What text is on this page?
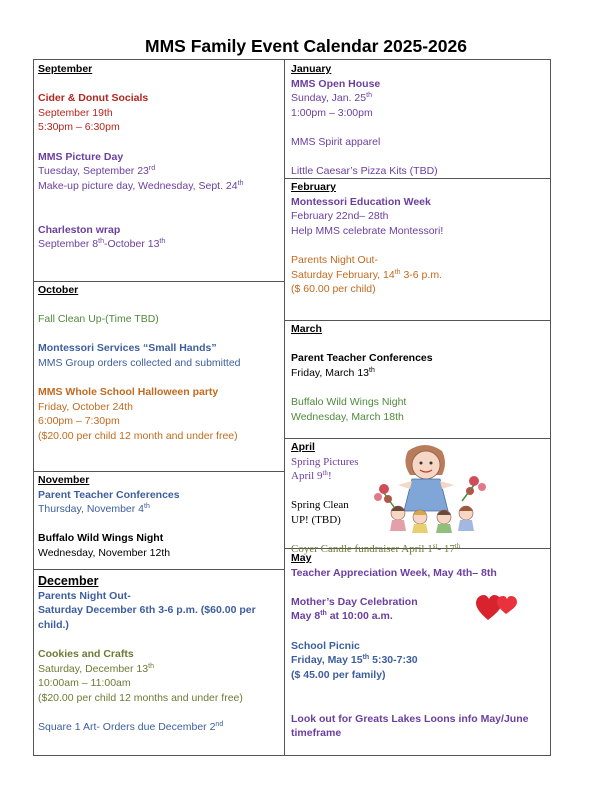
MMS Family Event Calendar 2025-2026

September

Cider & Donut Socials

September 19th

5:30pm – 6:30pm

MMS Picture Day

Tuesday, September 23rd

Make-up picture day, Wednesday, Sept. 24th

Charleston wrap

September 8th-October 13th

October

Fall Clean Up-(Time TBD)

Montessori Services “Small Hands”

MMS Group orders collected and submitted

MMS Whole School Halloween party

Friday, October 24th

6:00pm – 7:30pm

($20.00 per child 12 month and under free)

November

Parent Teacher Conferences

Thursday, November 4th

Buffalo Wild Wings Night

Wednesday, November 12th

December

Parents Night Out-

Saturday December 6th 3-6 p.m. ($60.00 per

child.)

Cookies and Crafts

Saturday, December 13th

10:00am – 11:00am

($20.00 per child 12 months and under free)

Square 1 Art- Orders due December 2nd

January

MMS Open House

Sunday, Jan. 25th

1:00pm – 3:00pm

MMS Spirit apparel

Little Caesar’s Pizza Kits (TBD)

February

Montessori Education Week

February 22nd– 28th

Help MMS celebrate Montessori!

Parents Night Out-

Saturday February, 14th 3-6 p.m.

($ 60.00 per child)

March

Parent Teacher Conferences

Friday, March 13th

Buffalo Wild Wings Night

Wednesday, March 18th

April

Spring Pictures

April 9th!

Spring Clean

UP! (TBD)

Coyer Candle fundraiser April 1st- 17th

May

Teacher Appreciation Week, May 4th– 8th

Mother’s Day Celebration

May 8th at 10:00 a.m.

School Picnic

Friday, May 15th 5:30-7:30

($ 45.00 per family)

Look out for Greats Lakes Loons info May/June

timeframe
